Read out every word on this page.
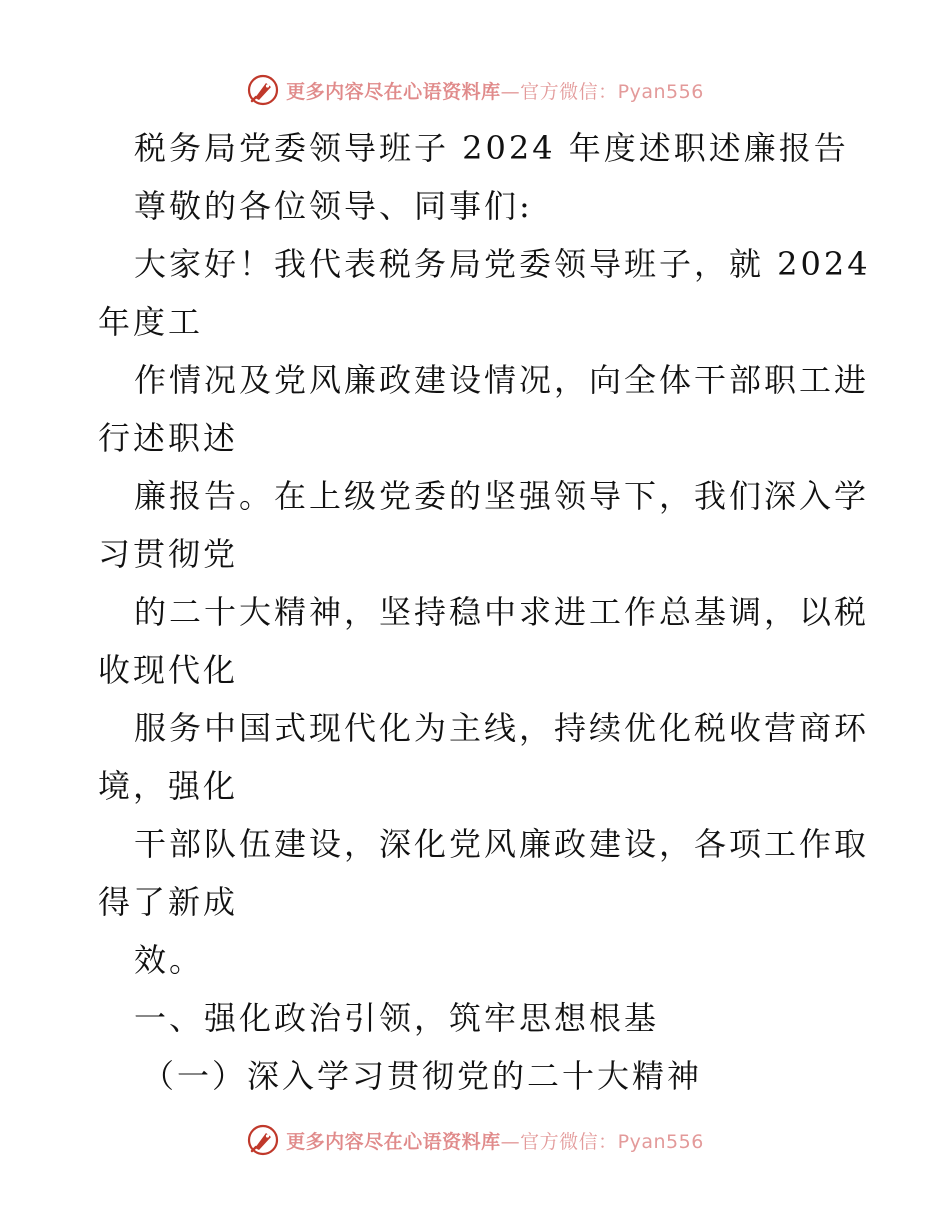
更多内容尽在心语资料库—官方微信：Pyan556
税务局党委领导班子 2024 年度述职述廉报告
尊敬的各位领导、同事们:
大家好！我代表税务局党委领导班子，就 2024
年度工
作情况及党风廉政建设情况，向全体干部职工进
行述职述
廉报告。在上级党委的坚强领导下，我们深入学
习贯彻党
的二十大精神，坚持稳中求进工作总基调，以税
收现代化
服务中国式现代化为主线，持续优化税收营商环
境，强化
干部队伍建设，深化党风廉政建设，各项工作取
得了新成
效。
一、强化政治引领，筑牢思想根基
（一）深入学习贯彻党的二十大精神
更多内容尽在心语资料库—官方微信：Pyan556
